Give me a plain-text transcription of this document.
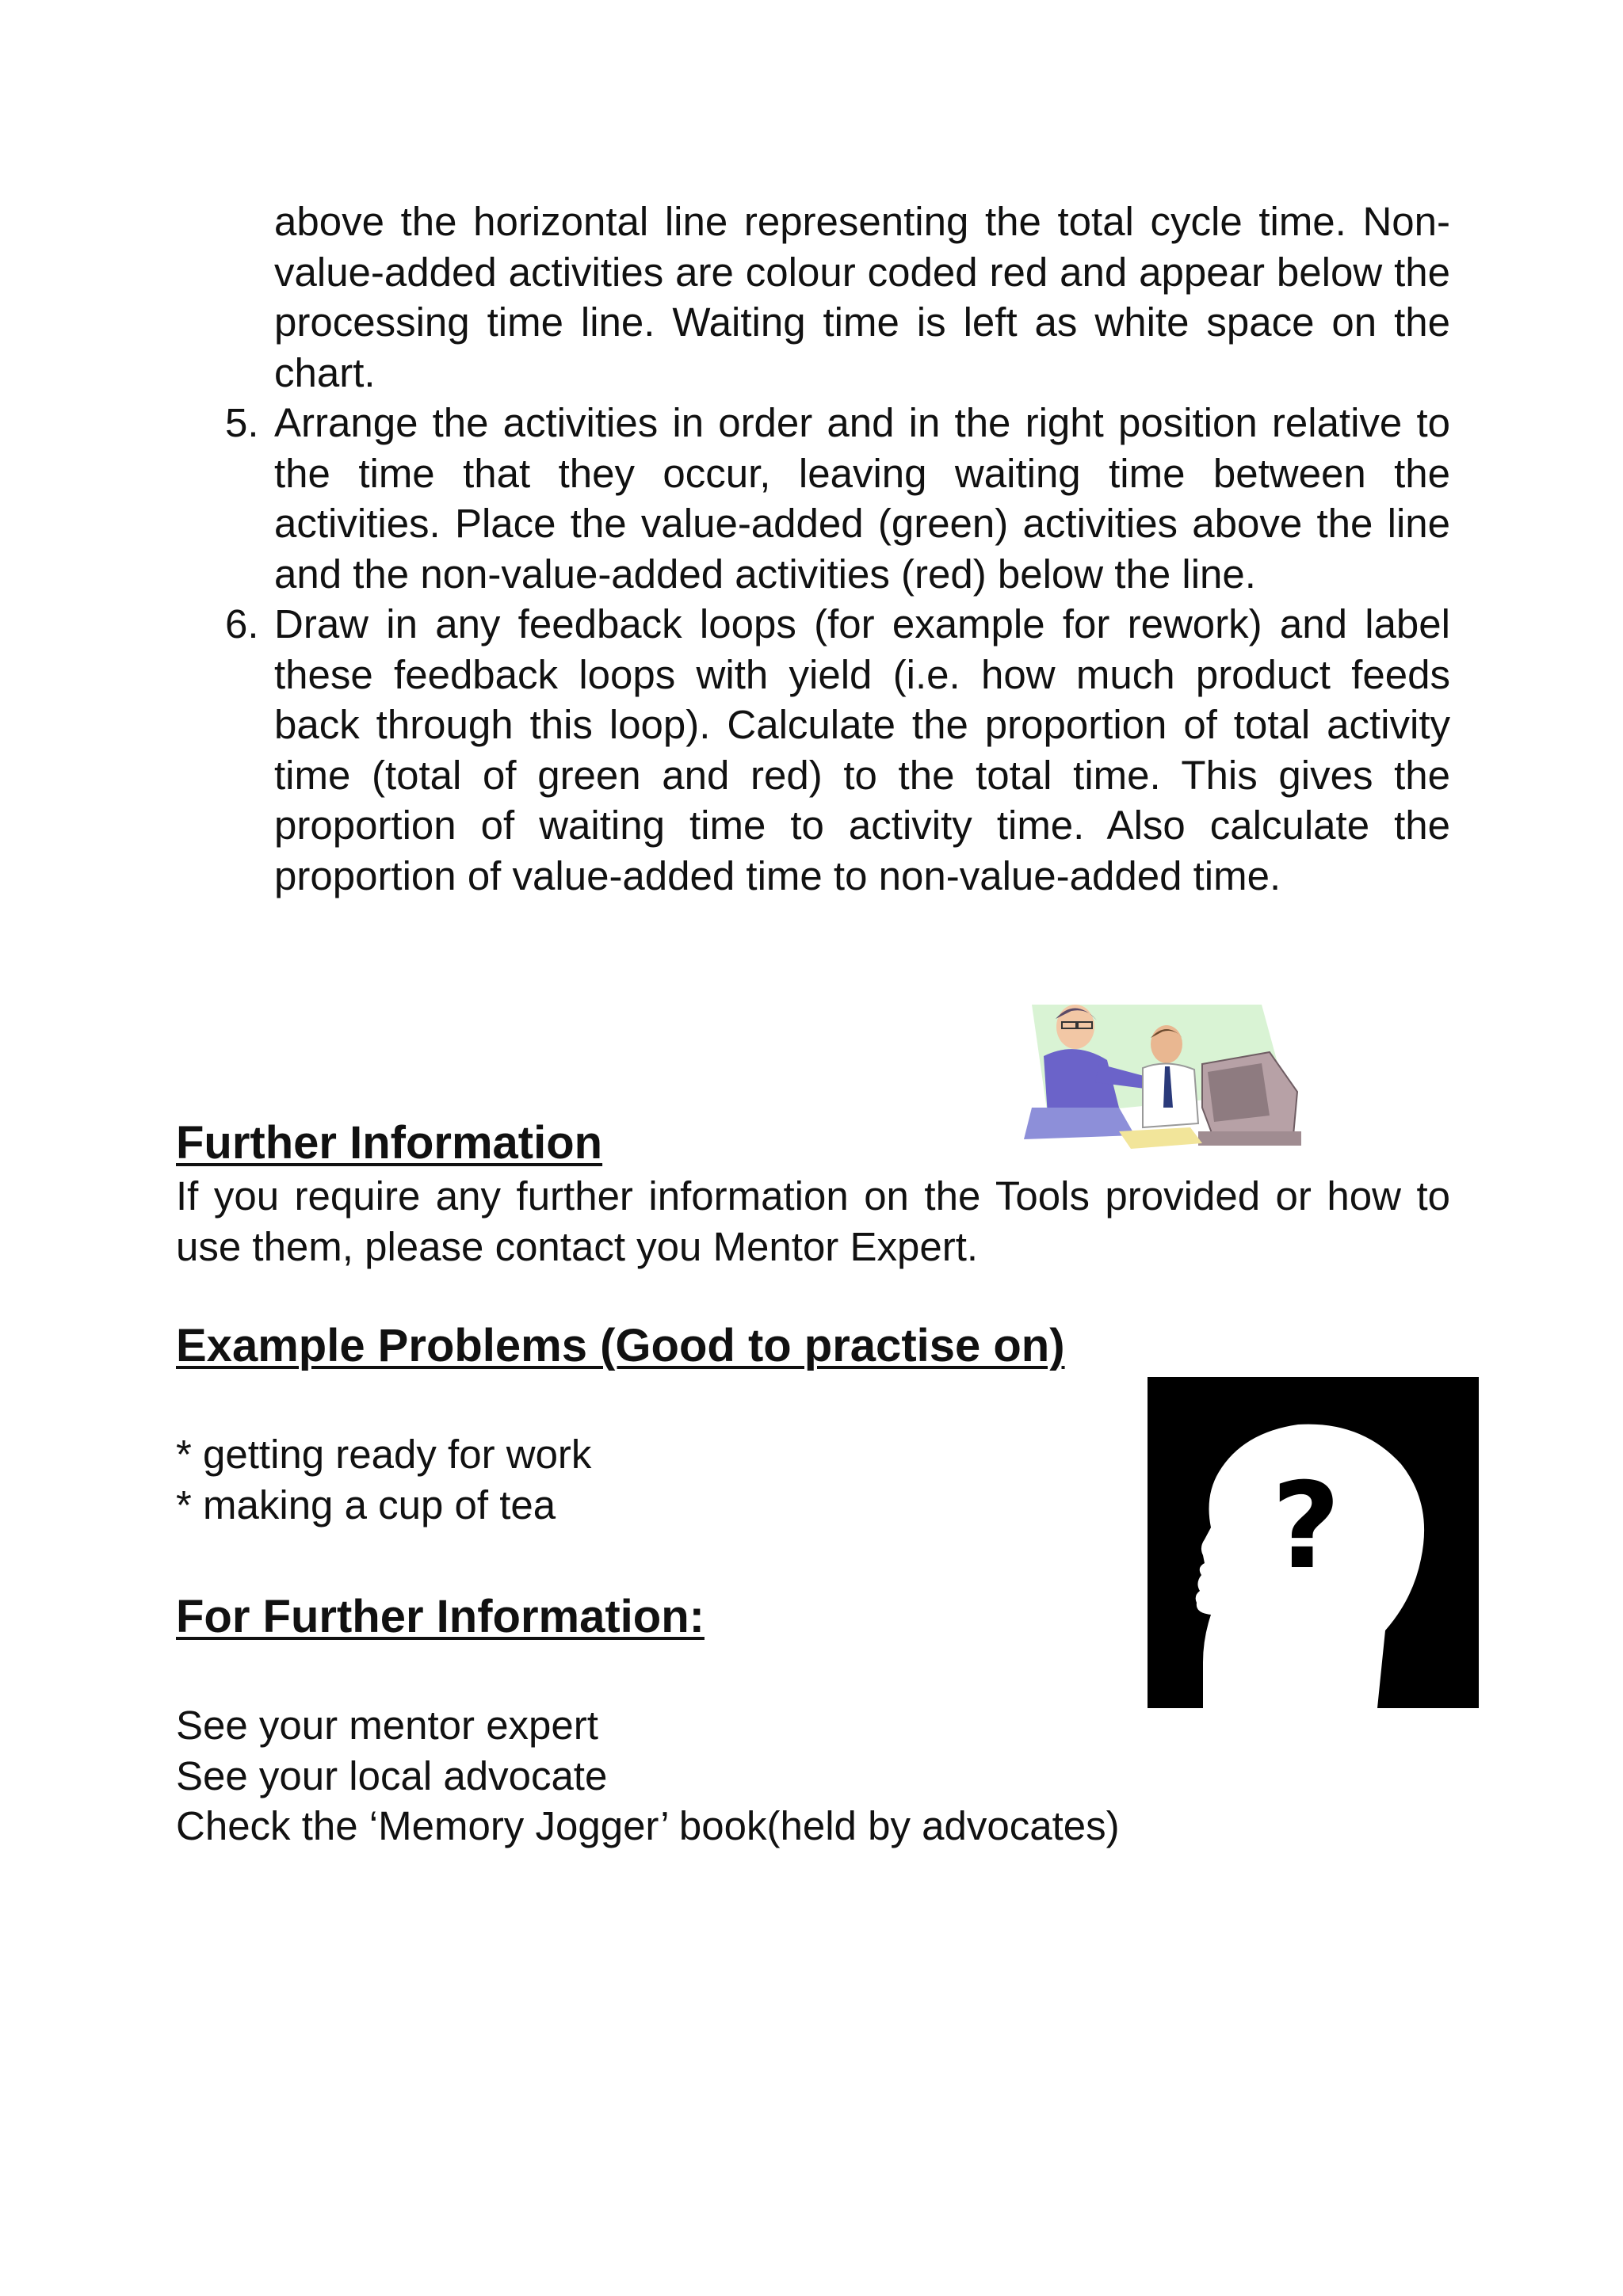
above the horizontal line representing the total cycle time. Non-value-added activities are colour coded red and appear below the processing time line. Waiting time is left as white space on the chart.
5. Arrange the activities in order and in the right position relative to the time that they occur, leaving waiting time between the activities. Place the value-added (green) activities above the line and the non-value-added activities (red) below the line.
6. Draw in any feedback loops (for example for rework) and label these feedback loops with yield (i.e. how much product feeds back through this loop). Calculate the proportion of total activity time (total of green and red) to the total time. This gives the proportion of waiting time to activity time. Also calculate the proportion of value-added time to non-value-added time.
Further Information

If you require any further information on the Tools provided or how to use them, please contact you Mentor Expert.

Example Problems (Good to practise on)

* getting ready for work

* making a cup of tea	?
For Further Information:

See your mentor expert

See your local advocate

Check the ‘Memory Jogger’ book(held by advocates)
